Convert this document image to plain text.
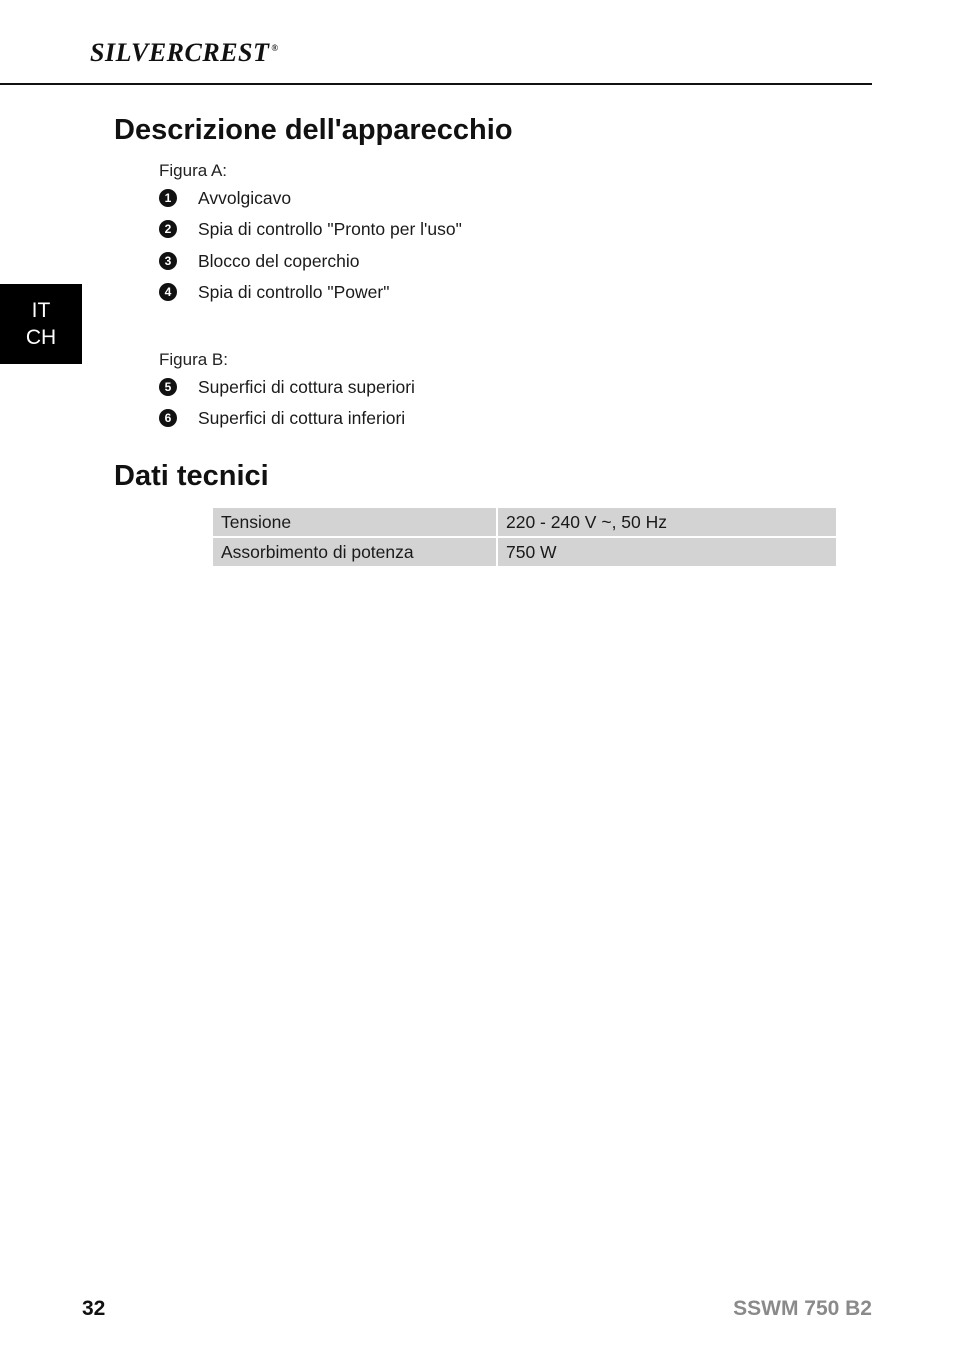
SILVERCREST ®
IT
CH
Descrizione dell'apparecchio
Figura A:
1	Avvolgicavo
2	Spia di controllo "Pronto per l'uso"
3	Blocco del coperchio
4	Spia di controllo "Power"
Figura B:
5	Superfici di cottura superiori
6	Superfici di cottura inferiori
Dati tecnici
Tensione	220 - 240 V ~, 50 Hz
Assorbimento di potenza	750 W
32	SSWM 750 B2
